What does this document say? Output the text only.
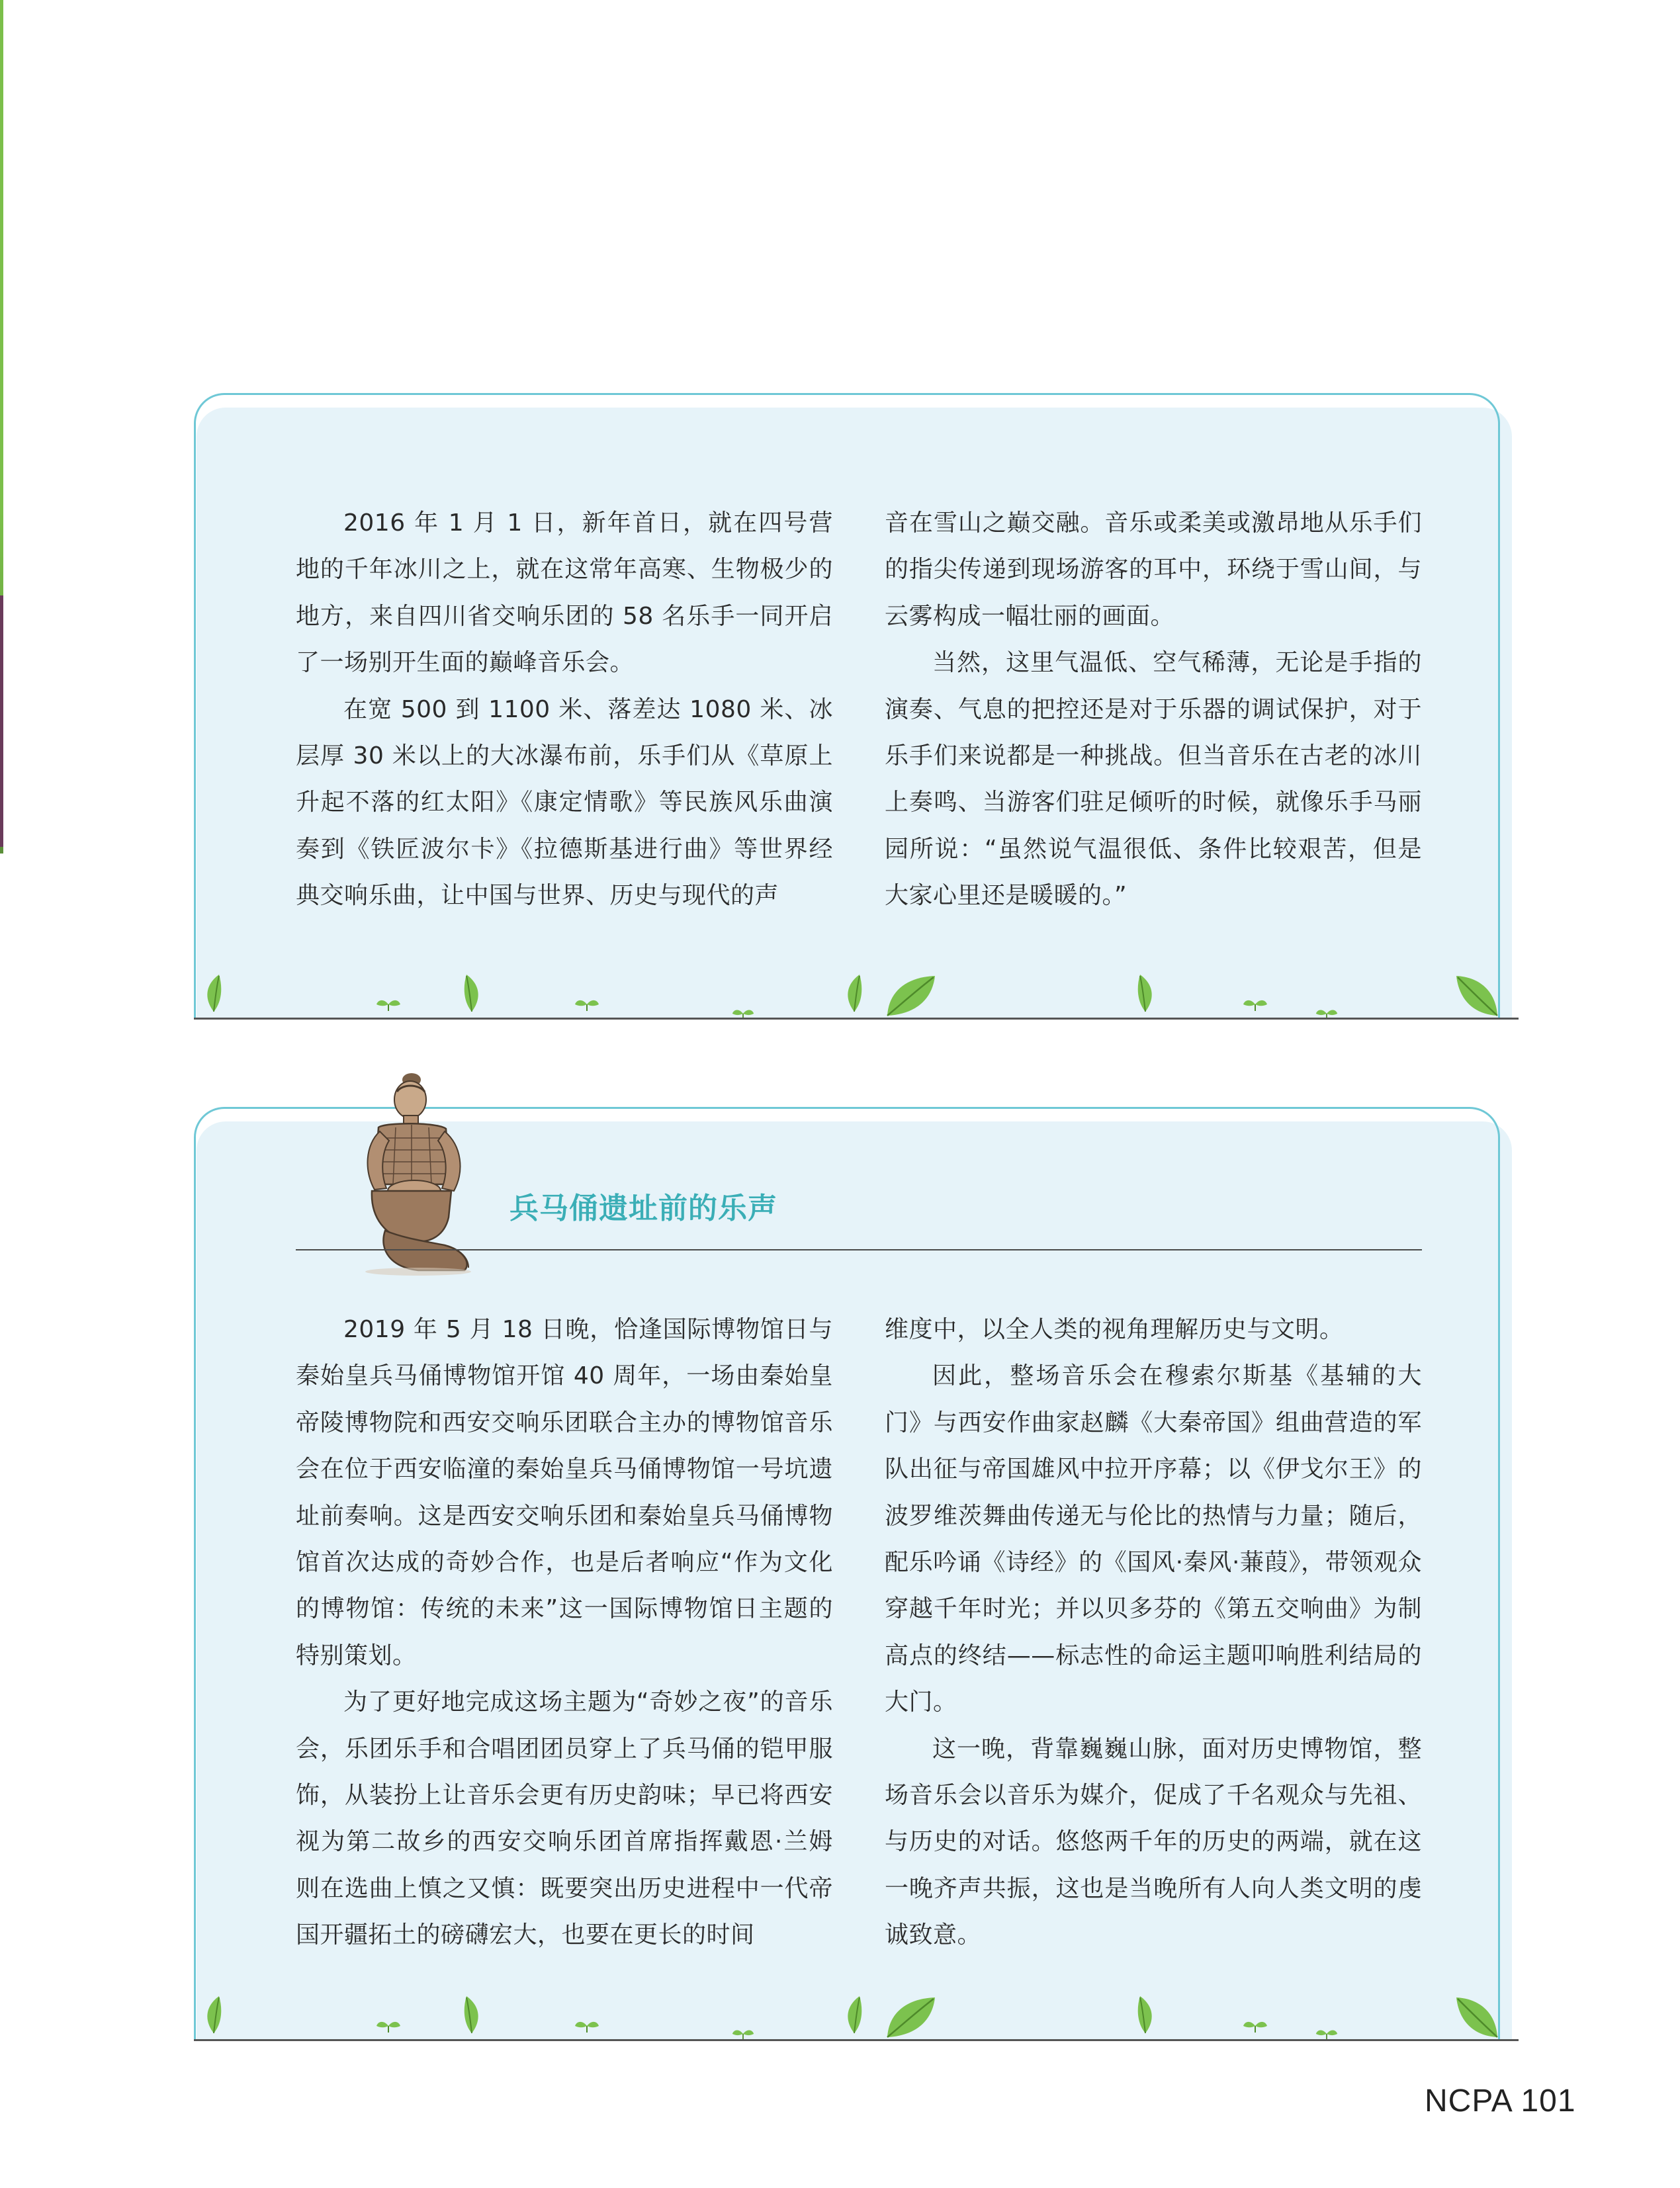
2016 年 1 月 1 日，新年首日，就在四号营地的千年冰川之上，就在这常年高寒、生物极少的地方，来自四川省交响乐团的 58 名乐手一同开启了一场别开生面的巅峰音乐会。

在宽 500 到 1100 米、落差达 1080 米、冰层厚 30 米以上的大冰瀑布前，乐手们从《草原上升起不落的红太阳》《康定情歌》等民族风乐曲演奏到《铁匠波尔卡》《拉德斯基进行曲》等世界经典交响乐曲，让中国与世界、历史与现代的声

音在雪山之巅交融。音乐或柔美或激昂地从乐手们的指尖传递到现场游客的耳中，环绕于雪山间，与云雾构成一幅壮丽的画面。

当然，这里气温低、空气稀薄，无论是手指的演奏、气息的把控还是对于乐器的调试保护，对于乐手们来说都是一种挑战。但当音乐在古老的冰川上奏鸣、当游客们驻足倾听的时候，就像乐手马丽园所说：“虽然说气温很低、条件比较艰苦，但是大家心里还是暖暖的。”

兵马俑遗址前的乐声

2019 年 5 月 18 日晚，恰逢国际博物馆日与秦始皇兵马俑博物馆开馆 40 周年，一场由秦始皇帝陵博物院和西安交响乐团联合主办的博物馆音乐会在位于西安临潼的秦始皇兵马俑博物馆一号坑遗址前奏响。这是西安交响乐团和秦始皇兵马俑博物馆首次达成的奇妙合作，也是后者响应“作为文化的博物馆：传统的未来”这一国际博物馆日主题的特别策划。

为了更好地完成这场主题为“奇妙之夜”的音乐会，乐团乐手和合唱团团员穿上了兵马俑的铠甲服饰，从装扮上让音乐会更有历史韵味；早已将西安视为第二故乡的西安交响乐团首席指挥戴恩·兰姆则在选曲上慎之又慎：既要突出历史进程中一代帝国开疆拓土的磅礴宏大，也要在更长的时间

维度中，以全人类的视角理解历史与文明。

因此，整场音乐会在穆索尔斯基《基辅的大门》与西安作曲家赵麟《大秦帝国》组曲营造的军队出征与帝国雄风中拉开序幕；以《伊戈尔王》的波罗维茨舞曲传递无与伦比的热情与力量；随后，配乐吟诵《诗经》的《国风·秦风·蒹葭》，带领观众穿越千年时光；并以贝多芬的《第五交响曲》为制高点的终结——标志性的命运主题叩响胜利结局的大门。

这一晚，背靠巍巍山脉，面对历史博物馆，整场音乐会以音乐为媒介，促成了千名观众与先祖、与历史的对话。悠悠两千年的历史的两端，就在这一晚齐声共振，这也是当晚所有人向人类文明的虔诚致意。

NCPA 101
